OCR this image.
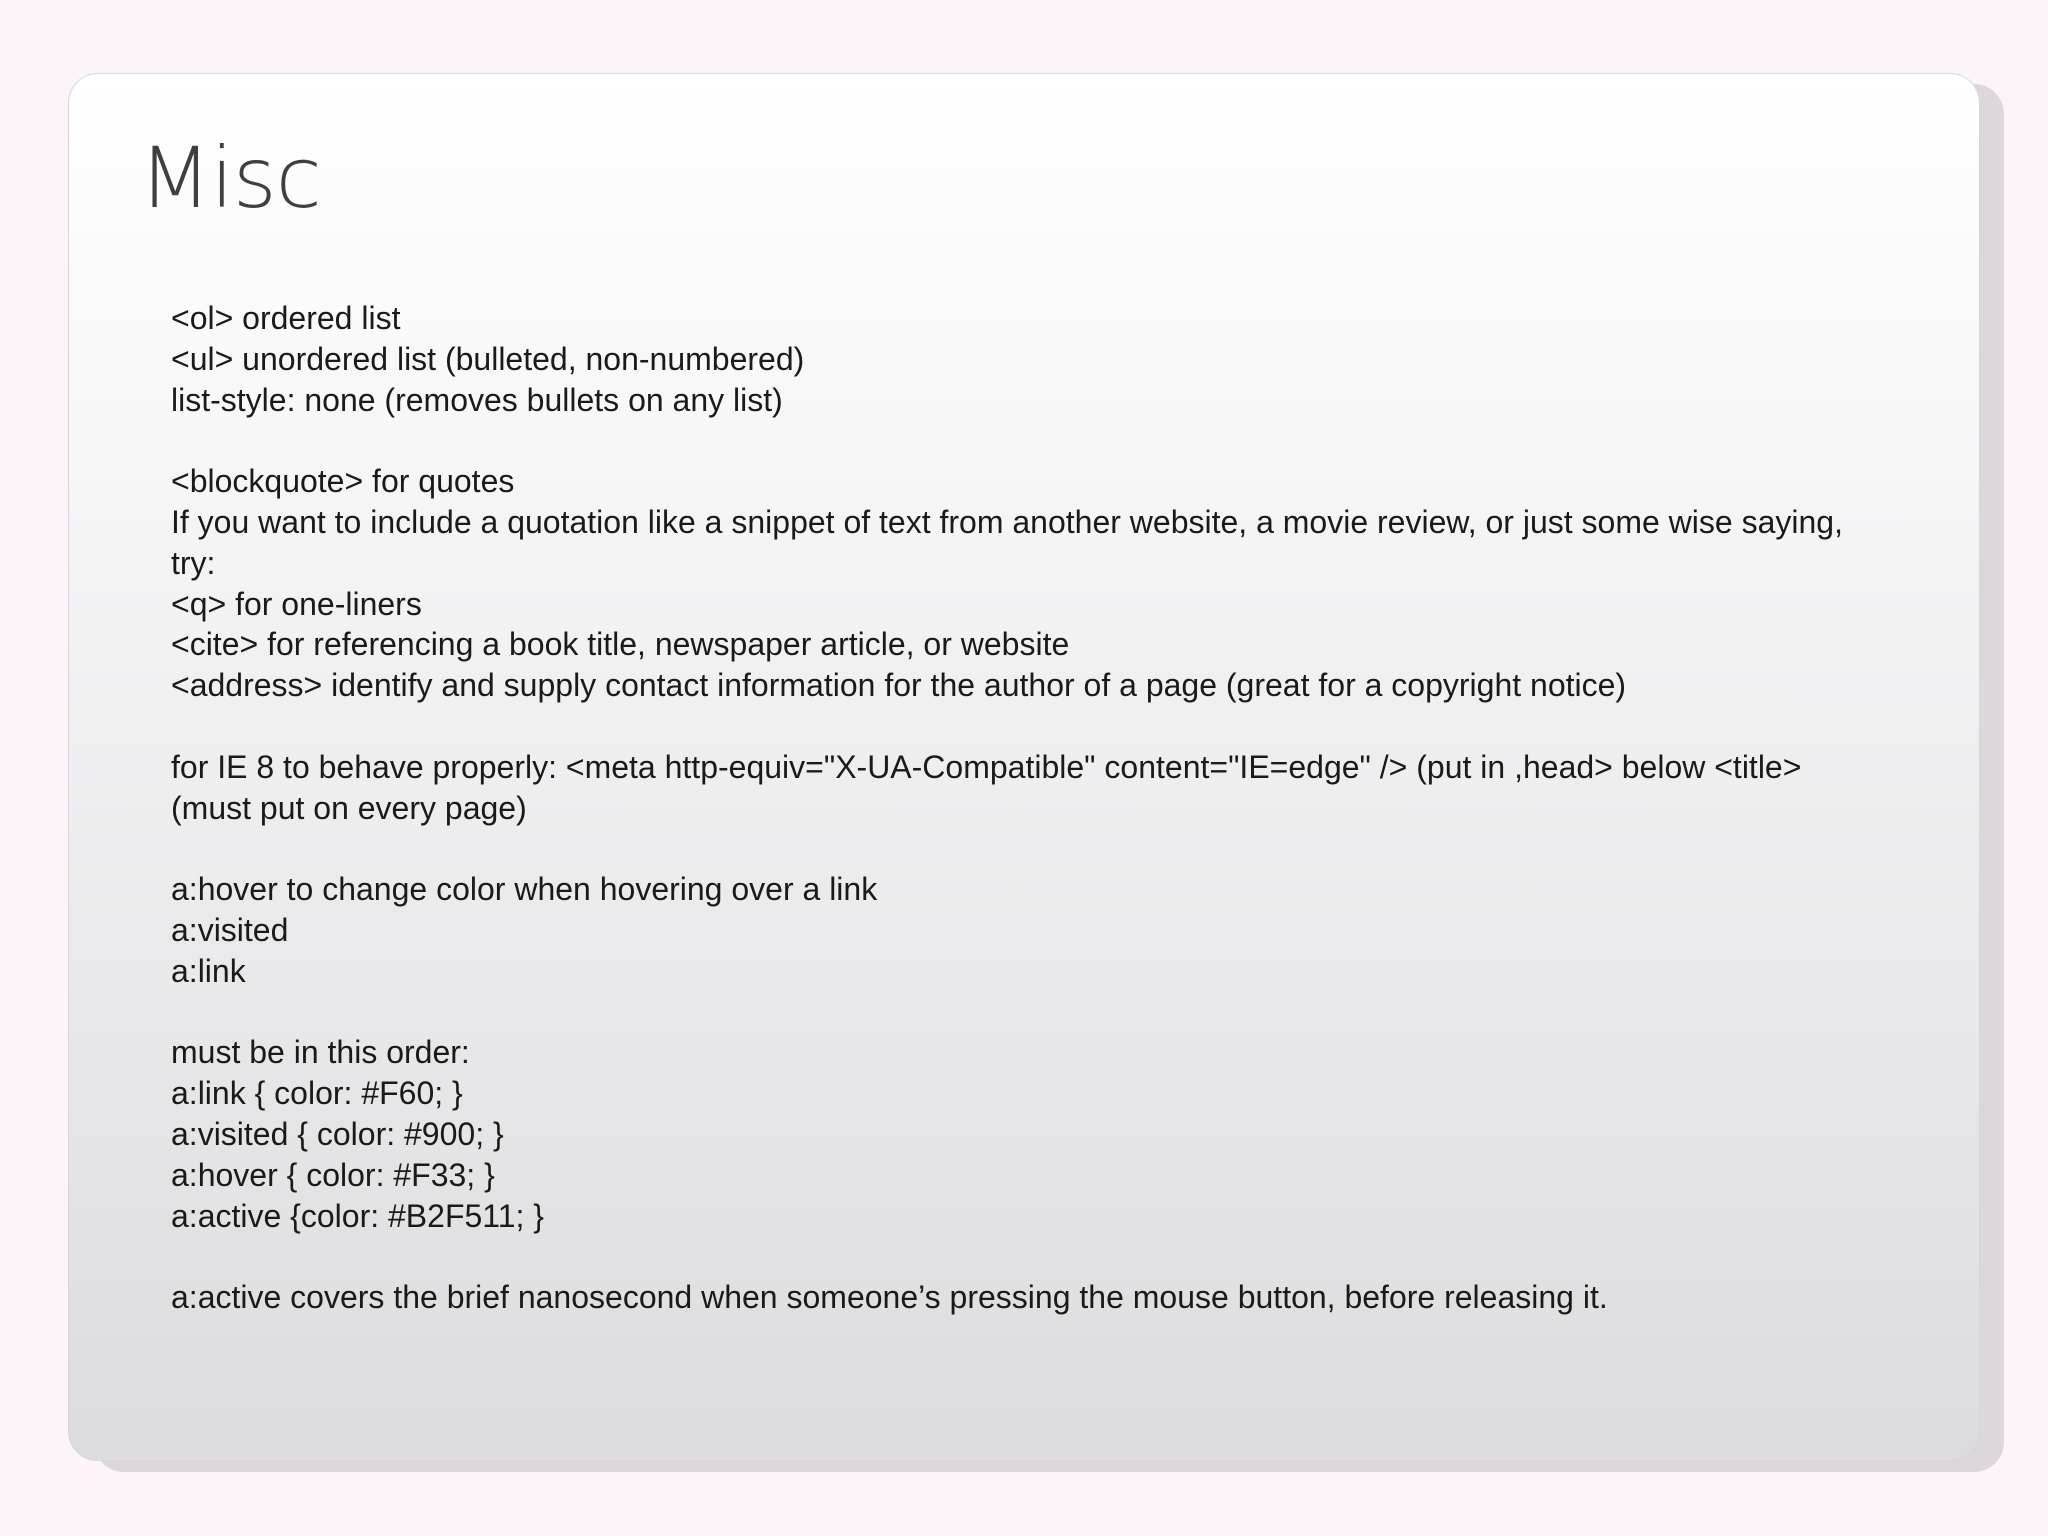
Misc
<ol> ordered list
<ul> unordered list (bulleted, non-numbered)
list-style: none (removes bullets on any list)
<blockquote> for quotes
If you want to include a quotation like a snippet of text from another website, a movie review, or just some wise saying,
try:
<q> for one-liners
<cite> for referencing a book title, newspaper article, or website
<address> identify and supply contact information for the author of a page (great for a copyright notice)
for IE 8 to behave properly: <meta http-equiv="X-UA-Compatible" content="IE=edge" /> (put in ,head> below <title>
(must put on every page)
a:hover to change color when hovering over a link
a:visited
a:link
must be in this order:
a:link { color: #F60; }
a:visited { color: #900; }
a:hover { color: #F33; }
a:active {color: #B2F511; }
a:active covers the brief nanosecond when someone’s pressing the mouse button, before releasing it.
